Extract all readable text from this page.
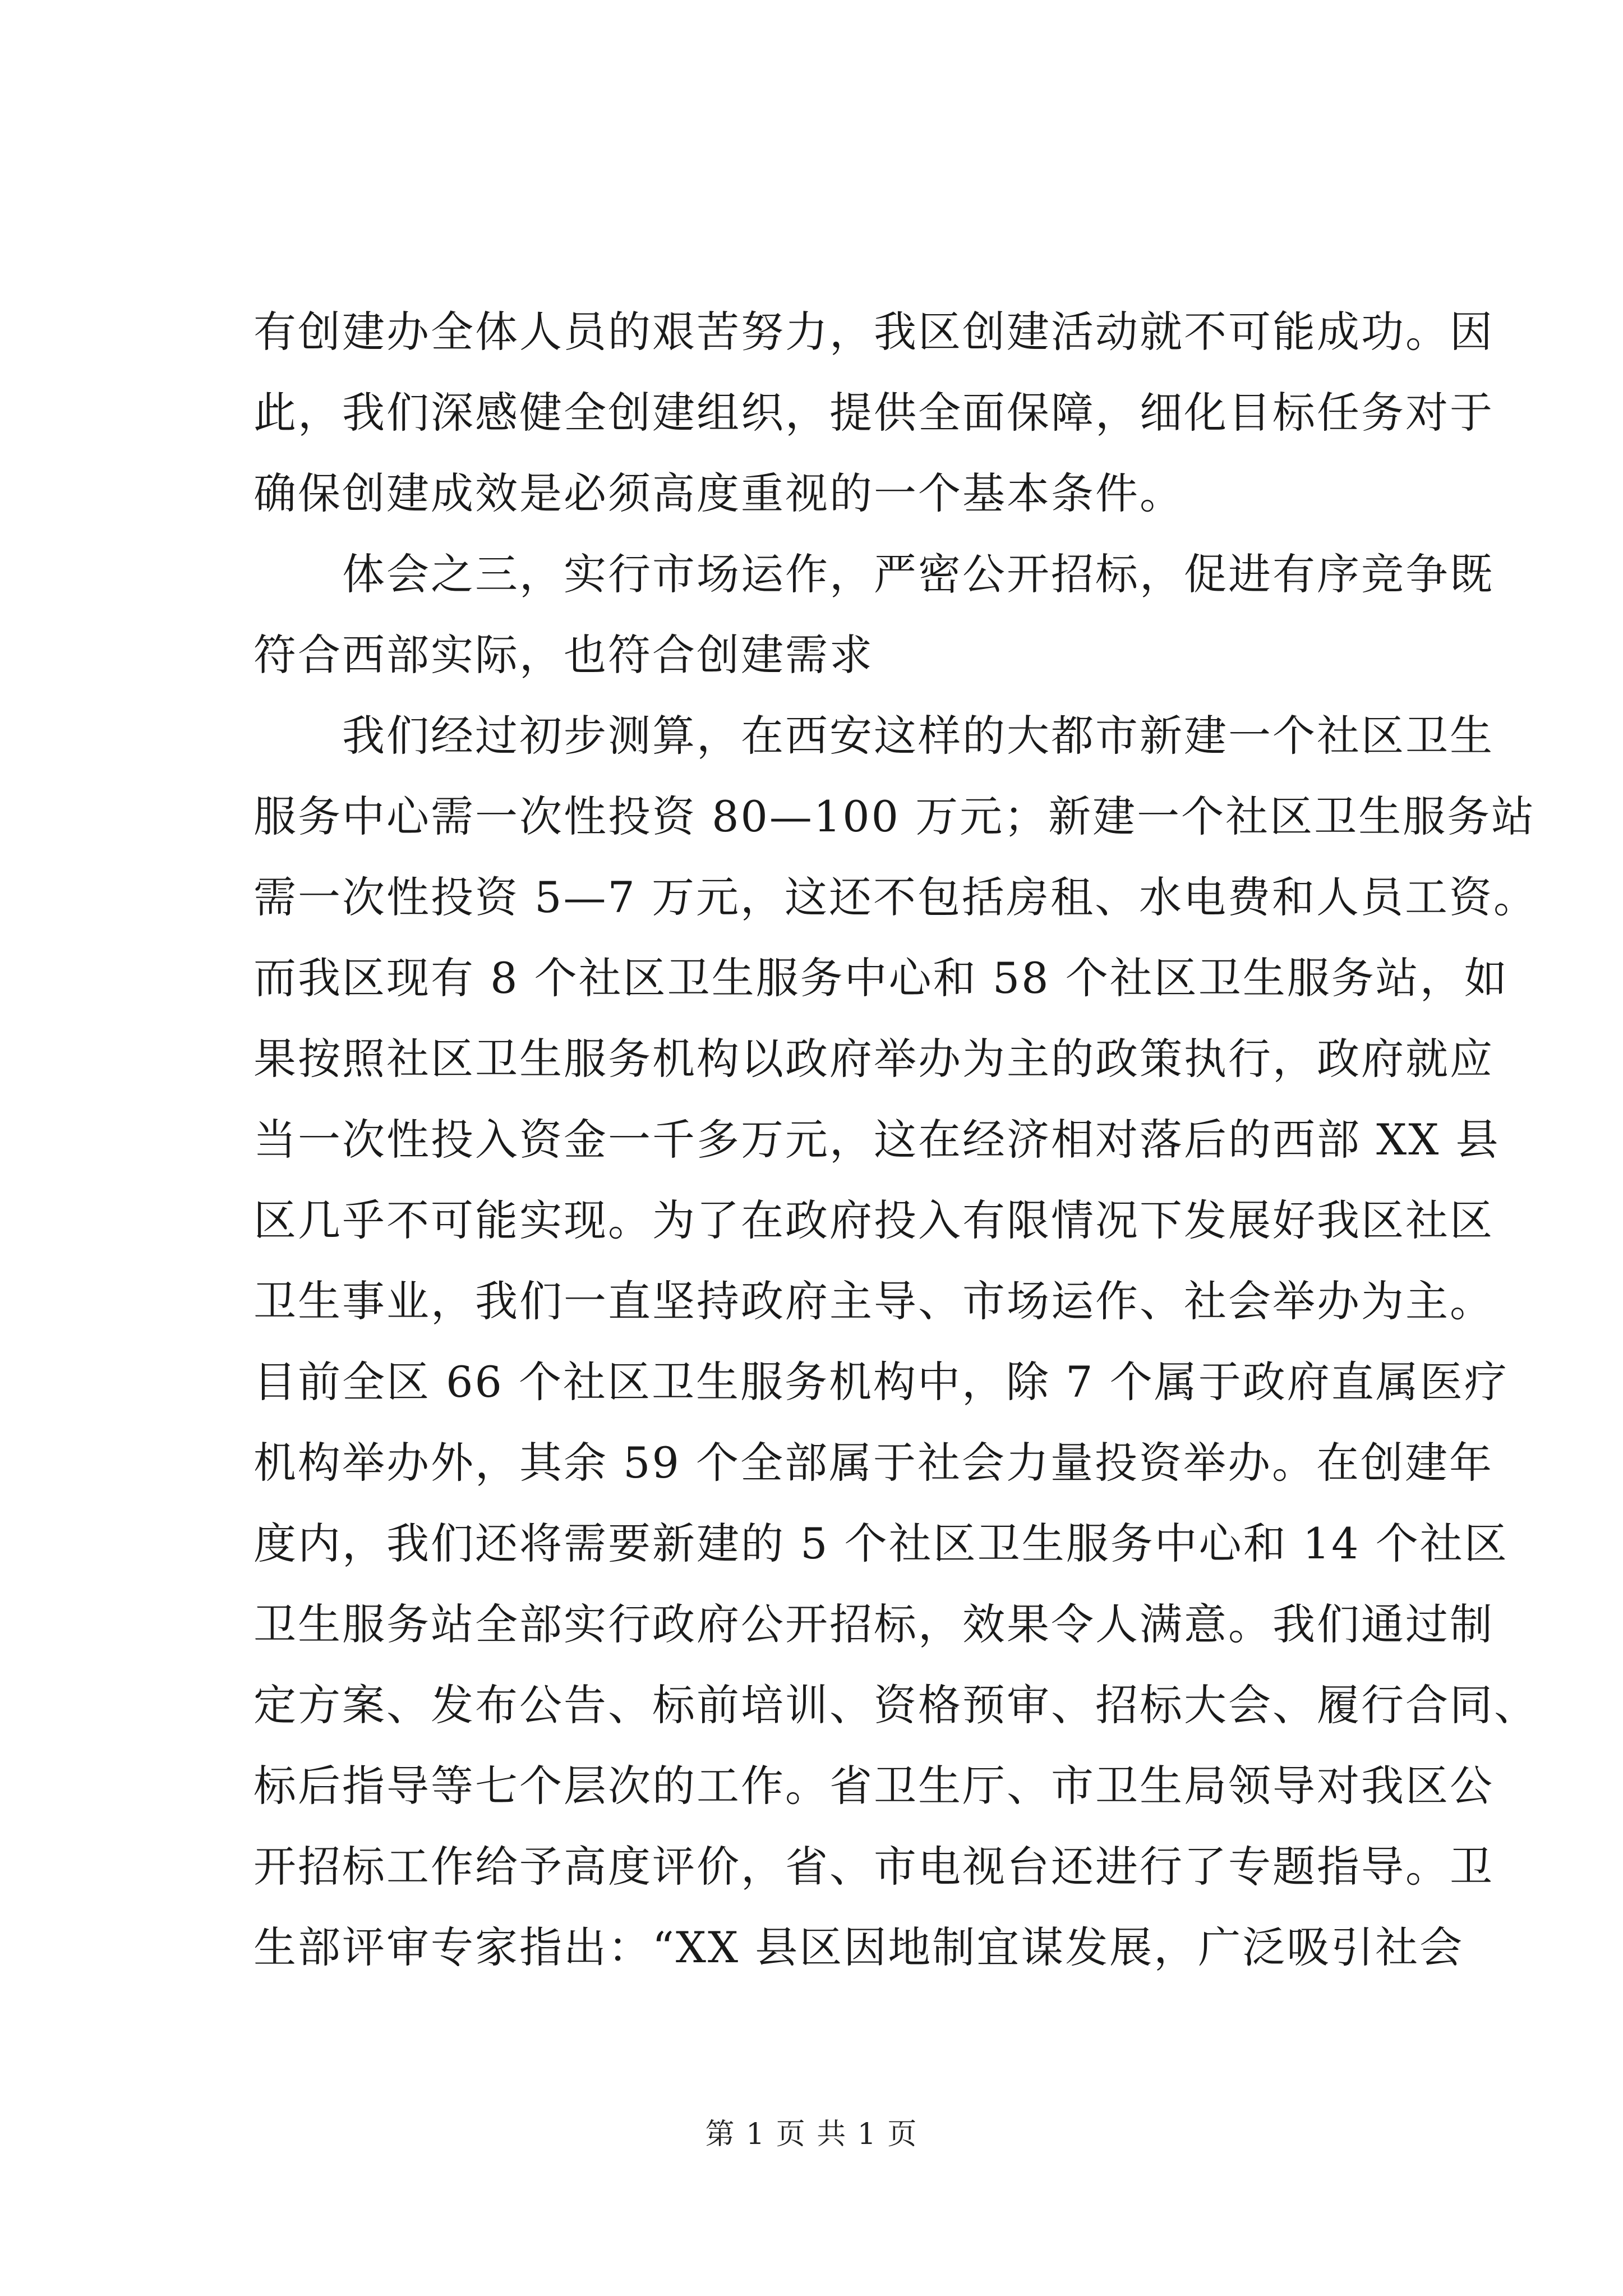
有创建办全体人员的艰苦努力，我区创建活动就不可能成功。因
此，我们深感健全创建组织，提供全面保障，细化目标任务对于
确保创建成效是必须高度重视的一个基本条件。
体会之三，实行市场运作，严密公开招标，促进有序竞争既
符合西部实际，也符合创建需求
我们经过初步测算，在西安这样的大都市新建一个社区卫生
服务中心需一次性投资 80—100 万元；新建一个社区卫生服务站
需一次性投资 5—7 万元，这还不包括房租、水电费和人员工资。
而我区现有 8 个社区卫生服务中心和 58 个社区卫生服务站，如
果按照社区卫生服务机构以政府举办为主的政策执行，政府就应
当一次性投入资金一千多万元，这在经济相对落后的西部 XX 县
区几乎不可能实现。为了在政府投入有限情况下发展好我区社区
卫生事业，我们一直坚持政府主导、市场运作、社会举办为主。
目前全区 66 个社区卫生服务机构中，除 7 个属于政府直属医疗
机构举办外，其余 59 个全部属于社会力量投资举办。在创建年
度内，我们还将需要新建的 5 个社区卫生服务中心和 14 个社区
卫生服务站全部实行政府公开招标，效果令人满意。我们通过制
定方案、发布公告、标前培训、资格预审、招标大会、履行合同、
标后指导等七个层次的工作。省卫生厅、市卫生局领导对我区公
开招标工作给予高度评价，省、市电视台还进行了专题指导。卫
生部评审专家指出：“XX 县区因地制宜谋发展，广泛吸引社会
第 1 页 共 1 页
